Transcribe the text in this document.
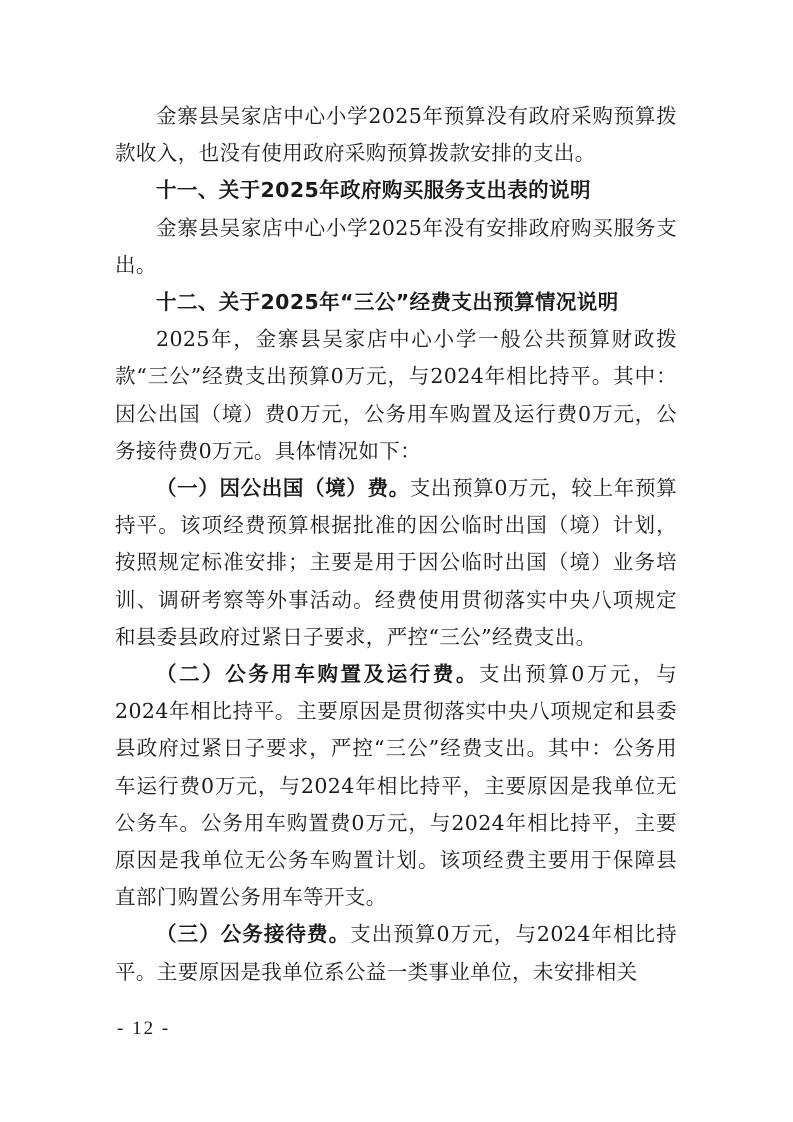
金寨县吴家店中心小学2025年预算没有政府采购预算拨款收入，也没有使用政府采购预算拨款安排的支出。

十一、关于2025年政府购买服务支出表的说明

金寨县吴家店中心小学2025年没有安排政府购买服务支出。

十二、关于2025年“三公”经费支出预算情况说明

2025年，金寨县吴家店中心小学一般公共预算财政拨款“三公”经费支出预算0万元，与2024年相比持平。其中：因公出国（境）费0万元，公务用车购置及运行费0万元，公务接待费0万元。具体情况如下：

（一）因公出国（境）费。支出预算0万元，较上年预算持平。该项经费预算根据批准的因公临时出国（境）计划，按照规定标准安排；主要是用于因公临时出国（境）业务培训、调研考察等外事活动。经费使用贯彻落实中央八项规定和县委县政府过紧日子要求，严控“三公”经费支出。

（二）公务用车购置及运行费。支出预算0万元，与2024年相比持平。主要原因是贯彻落实中央八项规定和县委县政府过紧日子要求，严控“三公”经费支出。其中：公务用车运行费0万元，与2024年相比持平，主要原因是我单位无公务车。公务用车购置费0万元，与2024年相比持平，主要原因是我单位无公务车购置计划。该项经费主要用于保障县直部门购置公务用车等开支。

（三）公务接待费。支出预算0万元，与2024年相比持平。主要原因是我单位系公益一类事业单位，未安排相关

- 12 -
